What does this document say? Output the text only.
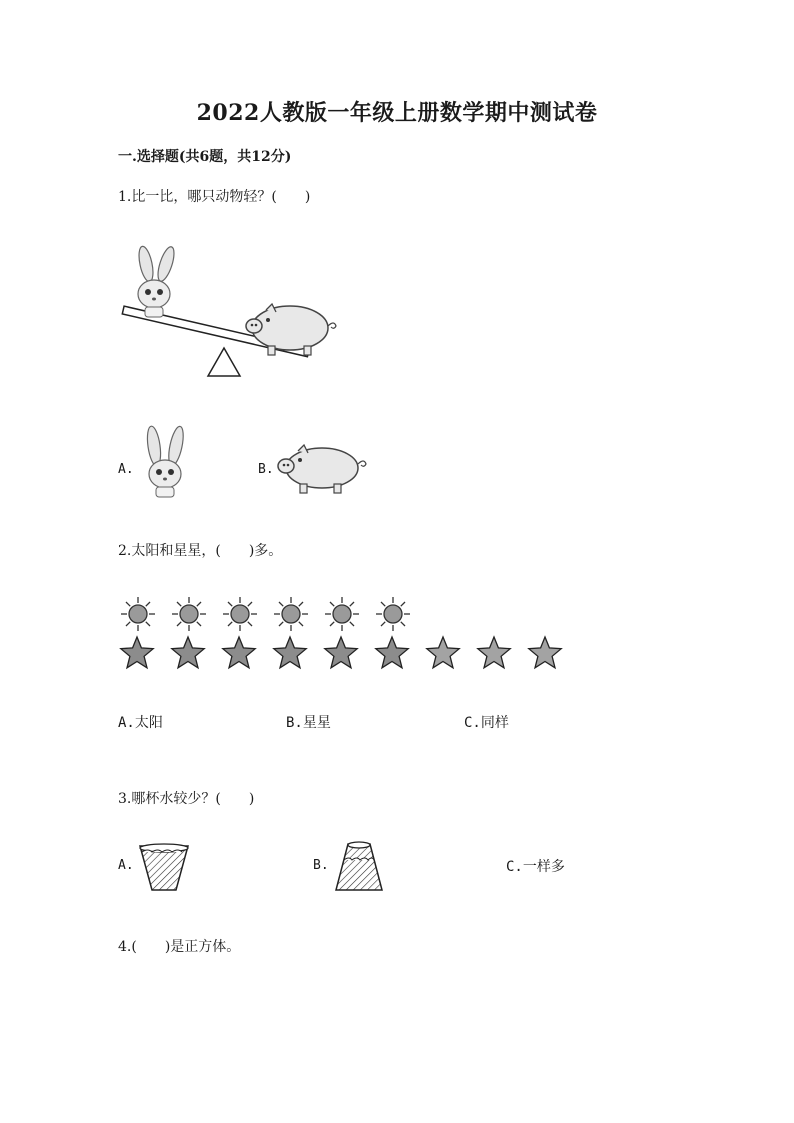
2022人教版一年级上册数学期中测试卷
一.选择题(共6题，共12分)
1.比一比，哪只动物轻？(　　)
A.	B.
2.太阳和星星，(　　)多。
A.太阳	B.星星	C.同样
3.哪杯水较少？(　　)
A.	B.	C.一样多
4.(　　)是正方体。
